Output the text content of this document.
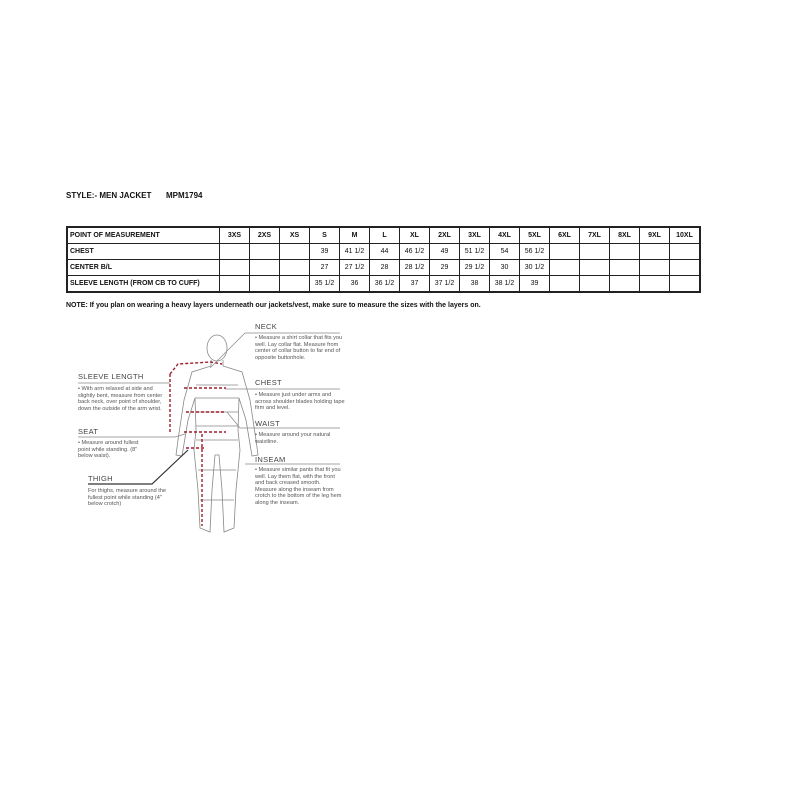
STYLE:- MEN JACKET MPM1794
POINT OF MEASUREMENT	3XS	2XS	XS	S	M	L	XL	2XL	3XL	4XL	5XL	6XL	7XL	8XL	9XL	10XL
CHEST				39	41 1/2	44	46 1/2	49	51 1/2	54	56 1/2					
CENTER B/L				27	27 1/2	28	28 1/2	29	29 1/2	30	30 1/2					
SLEEVE LENGTH (FROM CB TO CUFF)				35 1/2	36	36 1/2	37	37 1/2	38	38 1/2	39					
NOTE: If you plan on wearing a heavy layers underneath our jackets/vest, make sure to measure the sizes with the layers on.
NECK
• Measure a shirt collar that fits you well. Lay collar flat. Measure from center of collar button to far end of opposite buttonhole.
CHEST
• Measure just under arms and across shoulder blades holding tape firm and level.
WAIST
• Measure around your natural waistline.
INSEAM
• Measure similar pants that fit you well. Lay them flat, with the front and back creased smooth. Measure along the inseam from crotch to the bottom of the leg hem along the inseam.
SLEEVE LENGTH
• With arm relaxed at side and slightly bent, measure from center back neck, over point of shoulder, down the outside of the arm wrist.
SEAT
• Measure around fullest point while standing. (8" below waist).
THIGH
For thighs, measure around the fullest point while standing (4" below crotch)
